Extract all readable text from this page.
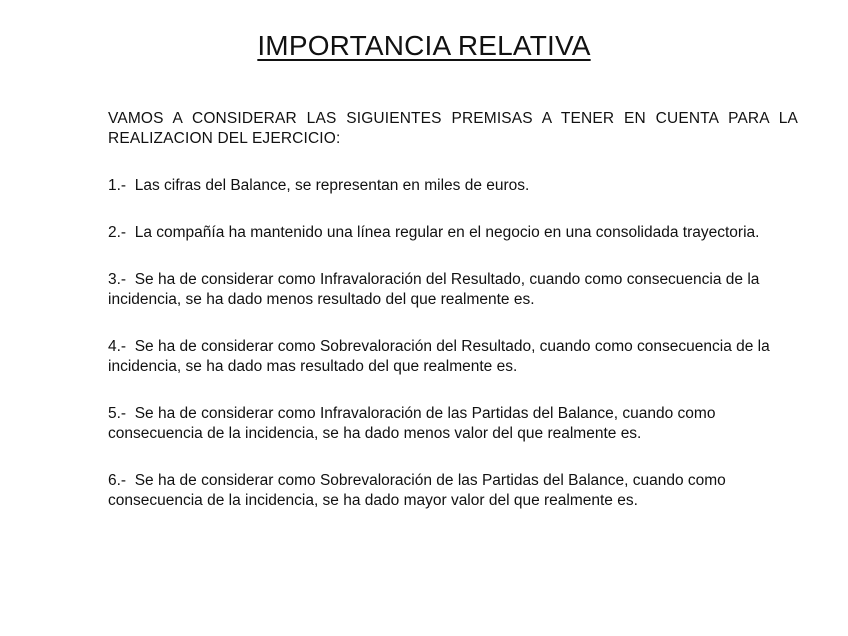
IMPORTANCIA RELATIVA

VAMOS A CONSIDERAR LAS SIGUIENTES PREMISAS A TENER EN CUENTA PARA LA REALIZACION DEL EJERCICIO:

1.- Las cifras del Balance, se representan en miles de euros.

2.- La compañía ha mantenido una línea regular en el negocio en una consolidada trayectoria.

3.- Se ha de considerar como Infravaloración del Resultado, cuando como consecuencia de la incidencia, se ha dado menos resultado del que realmente es.

4.- Se ha de considerar como Sobrevaloración del Resultado, cuando como consecuencia de la incidencia, se ha dado mas resultado del que realmente es.

5.- Se ha de considerar como Infravaloración de las Partidas del Balance, cuando como consecuencia de la incidencia, se ha dado menos valor del que realmente es.

6.- Se ha de considerar como Sobrevaloración de las Partidas del Balance, cuando como consecuencia de la incidencia, se ha dado mayor valor del que realmente es.
